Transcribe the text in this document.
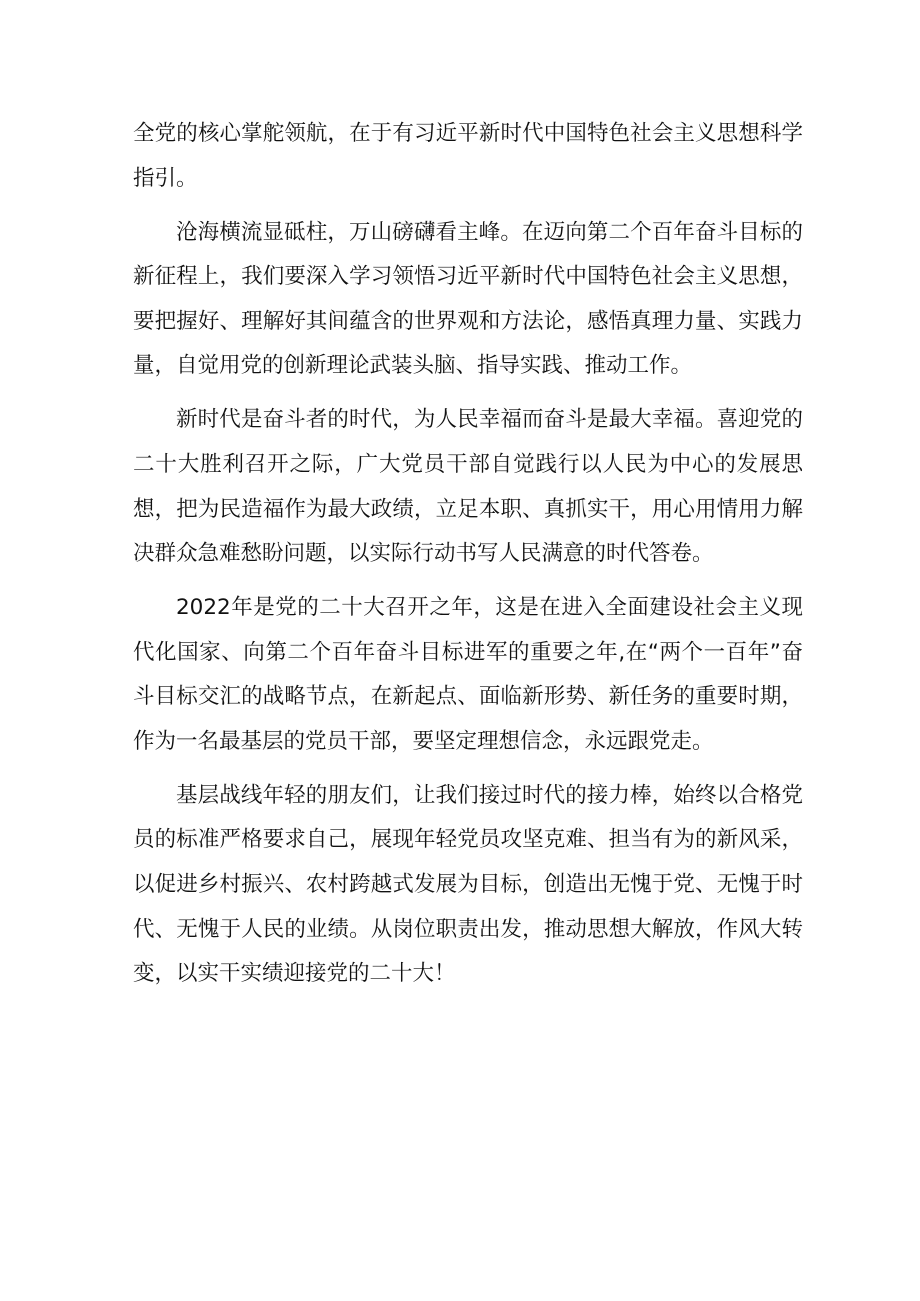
全党的核心掌舵领航，在于有习近平新时代中国特色社会主义思想科学指引。

沧海横流显砥柱，万山磅礴看主峰。在迈向第二个百年奋斗目标的新征程上，我们要深入学习领悟习近平新时代中国特色社会主义思想，要把握好、理解好其间蕴含的世界观和方法论，感悟真理力量、实践力量，自觉用党的创新理论武装头脑、指导实践、推动工作。

新时代是奋斗者的时代，为人民幸福而奋斗是最大幸福。喜迎党的二十大胜利召开之际，广大党员干部自觉践行以人民为中心的发展思想，把为民造福作为最大政绩，立足本职、真抓实干，用心用情用力解决群众急难愁盼问题，以实际行动书写人民满意的时代答卷。

2022年是党的二十大召开之年，这是在进入全面建设社会主义现代化国家、向第二个百年奋斗目标进军的重要之年,在“两个一百年”奋斗目标交汇的战略节点，在新起点、面临新形势、新任务的重要时期，作为一名最基层的党员干部，要坚定理想信念，永远跟党走。

基层战线年轻的朋友们，让我们接过时代的接力棒，始终以合格党员的标准严格要求自己，展现年轻党员攻坚克难、担当有为的新风采，以促进乡村振兴、农村跨越式发展为目标，创造出无愧于党、无愧于时代、无愧于人民的业绩。从岗位职责出发，推动思想大解放，作风大转变，以实干实绩迎接党的二十大！
